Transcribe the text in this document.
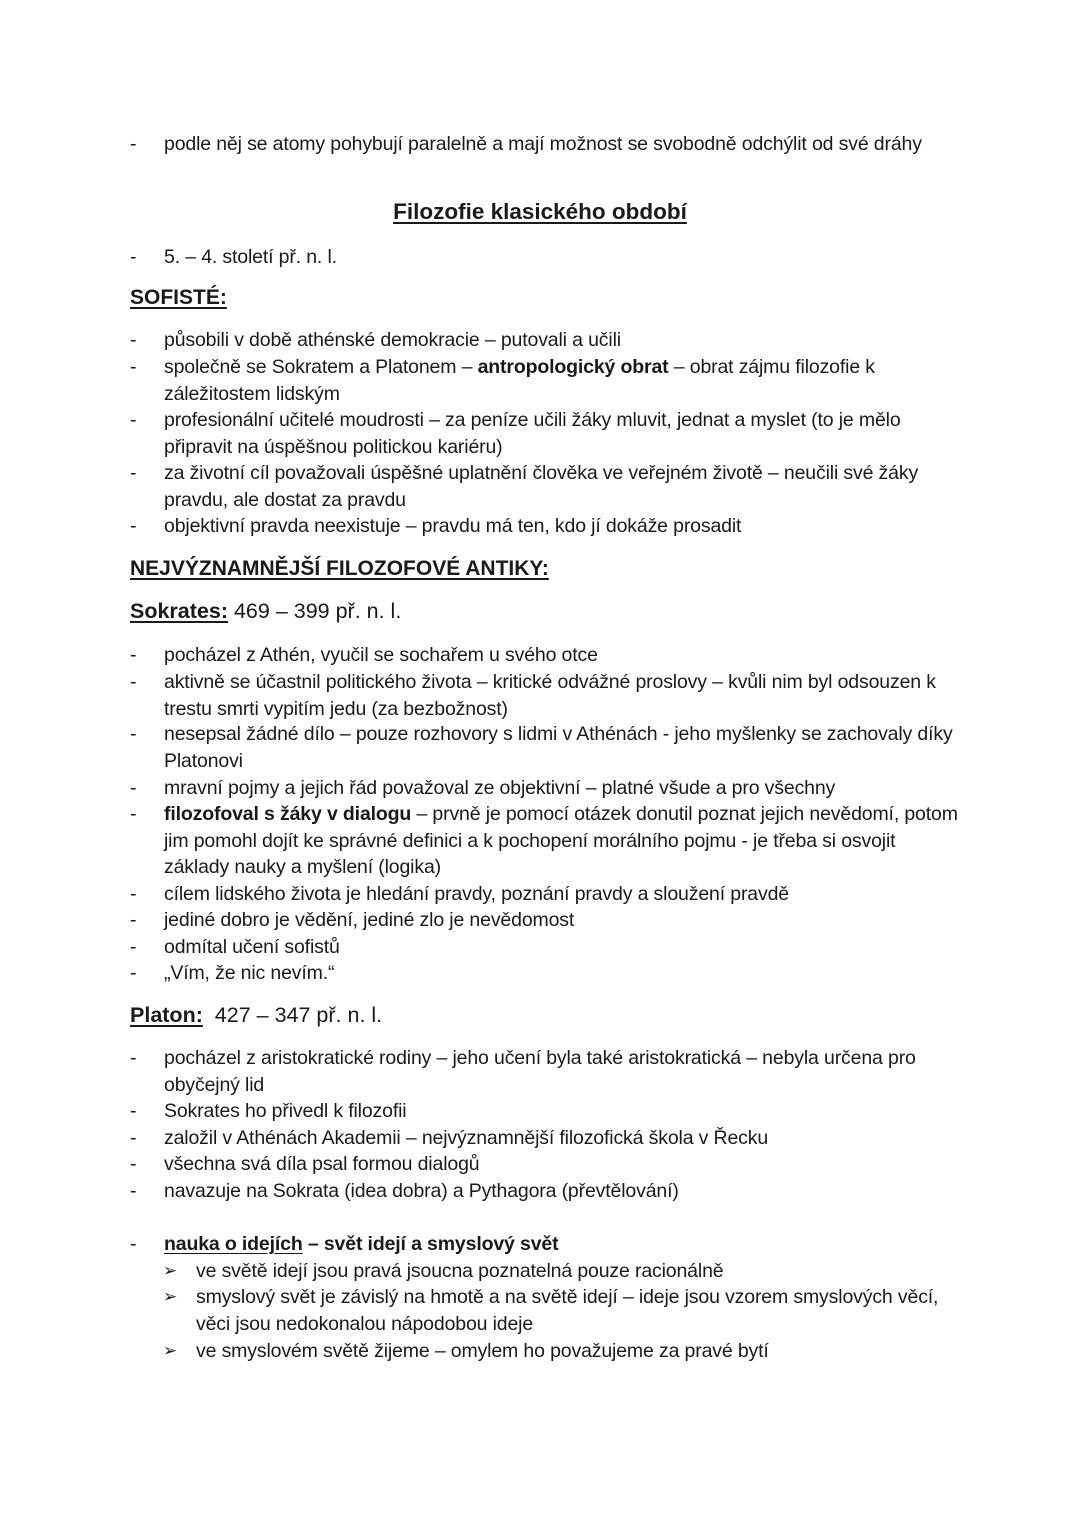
- podle něj se atomy pohybují paralelně a mají možnost se svobodně odchýlit od své dráhy
Filozofie klasického období
- 5. – 4. století př. n. l.
SOFISTÉ:
- působili v době athénské demokracie – putovali a učili
- společně se Sokratem a Platonem – antropologický obrat – obrat zájmu filozofie k záležitostem lidským
- profesionální učitelé moudrosti – za peníze učili žáky mluvit, jednat a myslet (to je mělo připravit na úspěšnou politickou kariéru)
- za životní cíl považovali úspěšné uplatnění člověka ve veřejném životě – neučili své žáky pravdu, ale dostat za pravdu
- objektivní pravda neexistuje – pravdu má ten, kdo jí dokáže prosadit
NEJVÝZNAMNĚJŠÍ FILOZOFOVÉ ANTIKY:
Sokrates: 469 – 399 př. n. l.
- pocházel z Athén, vyučil se sochařem u svého otce
- aktivně se účastnil politického života – kritické odvážné proslovy – kvůli nim byl odsouzen k trestu smrti vypitím jedu (za bezbožnost)
- nesepsal žádné dílo – pouze rozhovory s lidmi v Athénách - jeho myšlenky se zachovaly díky Platonovi
- mravní pojmy a jejich řád považoval ze objektivní – platné všude a pro všechny
- filozofoval s žáky v dialogu – prvně je pomocí otázek donutil poznat jejich nevědomí, potom jim pomohl dojít ke správné definici a k pochopení morálního pojmu - je třeba si osvojit základy nauky a myšlení (logika)
- cílem lidského života je hledání pravdy, poznání pravdy a sloužení pravdě
- jediné dobro je vědění, jediné zlo je nevědomost
- odmítal učení sofistů
- „Vím, že nic nevím.“
Platon:  427 – 347 př. n. l.
- pocházel z aristokratické rodiny – jeho učení byla také aristokratická – nebyla určena pro obyčejný lid
- Sokrates ho přivedl k filozofii
- založil v Athénách Akademii – nejvýznamnější filozofická škola v Řecku
- všechna svá díla psal formou dialogů
- navazuje na Sokrata (idea dobra) a Pythagora (převtělování)
- nauka o idejích – svět idejí a smyslový svět
➢ ve světě idejí jsou pravá jsoucna poznatelná pouze racionálně
➢ smyslový svět je závislý na hmotě a na světě idejí – ideje jsou vzorem smyslových věcí, věci jsou nedokonalou nápodobou ideje
➢ ve smyslovém světě žijeme – omylem ho považujeme za pravé bytí
